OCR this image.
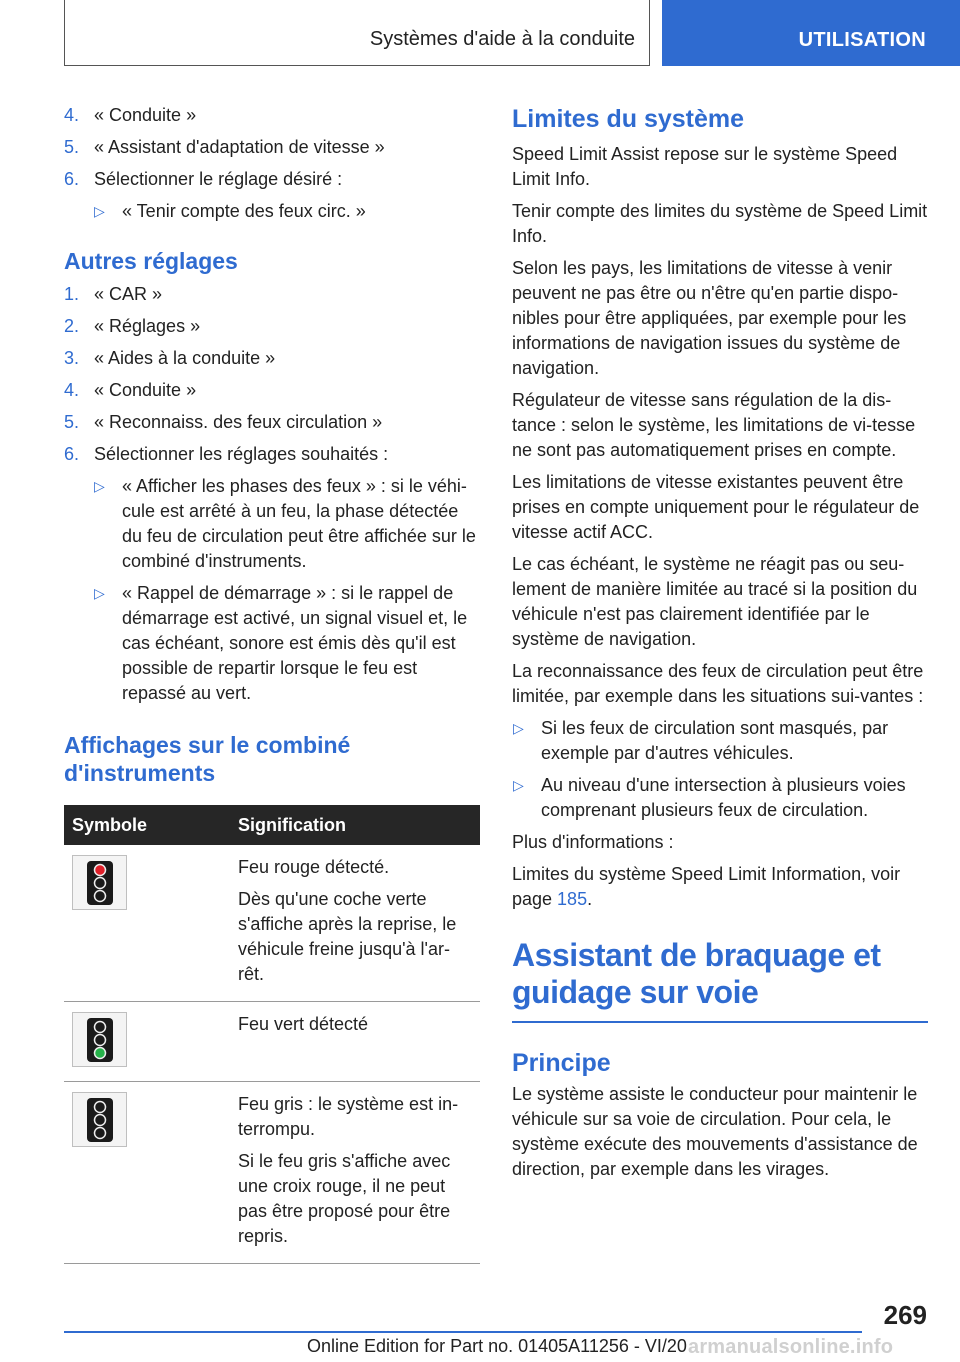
Systèmes d'aide à la conduite	UTILISATION
4. « Conduite »
5. « Assistant d'adaptation de vitesse »
6. Sélectionner le réglage désiré :
▷ « Tenir compte des feux circ. »
Autres réglages
1. « CAR »
2. « Réglages »
3. « Aides à la conduite »
4. « Conduite »
5. « Reconnaiss. des feux circulation »
6. Sélectionner les réglages souhaités :
▷ « Afficher les phases des feux » : si le véhi-cule est arrêté à un feu, la phase détectée du feu de circulation peut être affichée sur le combiné d'instruments.
▷ « Rappel de démarrage » : si le rappel de démarrage est activé, un signal visuel et, le cas échéant, sonore est émis dès qu'il est possible de repartir lorsque le feu est repassé au vert.
Affichages sur le combiné d'instruments
Symbole	Signification

Feu rouge détecté.

Dès qu'une coche verte s'affiche après la reprise, le véhicule freine jusqu'à l'ar-rêt.

Feu vert détecté

Feu gris : le système est in-terrompu.

Si le feu gris s'affiche avec une croix rouge, il ne peut pas être proposé pour être repris.

Limites du système

Speed Limit Assist repose sur le système Speed Limit Info.

Tenir compte des limites du système de Speed Limit Info.

Selon les pays, les limitations de vitesse à venir peuvent ne pas être ou n'être qu'en partie dispo-nibles pour être appliquées, par exemple pour les informations de navigation issues du système de navigation.

Régulateur de vitesse sans régulation de la dis-tance : selon le système, les limitations de vi-tesse ne sont pas automatiquement prises en compte.

Les limitations de vitesse existantes peuvent être prises en compte uniquement pour le régulateur de vitesse actif ACC.

Le cas échéant, le système ne réagit pas ou seu-lement de manière limitée au tracé si la position du véhicule n'est pas clairement identifiée par le système de navigation.

La reconnaissance des feux de circulation peut être limitée, par exemple dans les situations sui-vantes :

▷ Si les feux de circulation sont masqués, par exemple par d'autres véhicules.
▷ Au niveau d'une intersection à plusieurs voies comprenant plusieurs feux de circulation.

Plus d'informations :

Limites du système Speed Limit Information, voir page 185.

Assistant de braquage et guidage sur voie
Principe

Le système assiste le conducteur pour maintenir le véhicule sur sa voie de circulation. Pour cela, le système exécute des mouvements d'assistance de direction, par exemple dans les virages.

269
Online Edition for Part no. 01405A11256 - VI/20 armanualsonline.info
